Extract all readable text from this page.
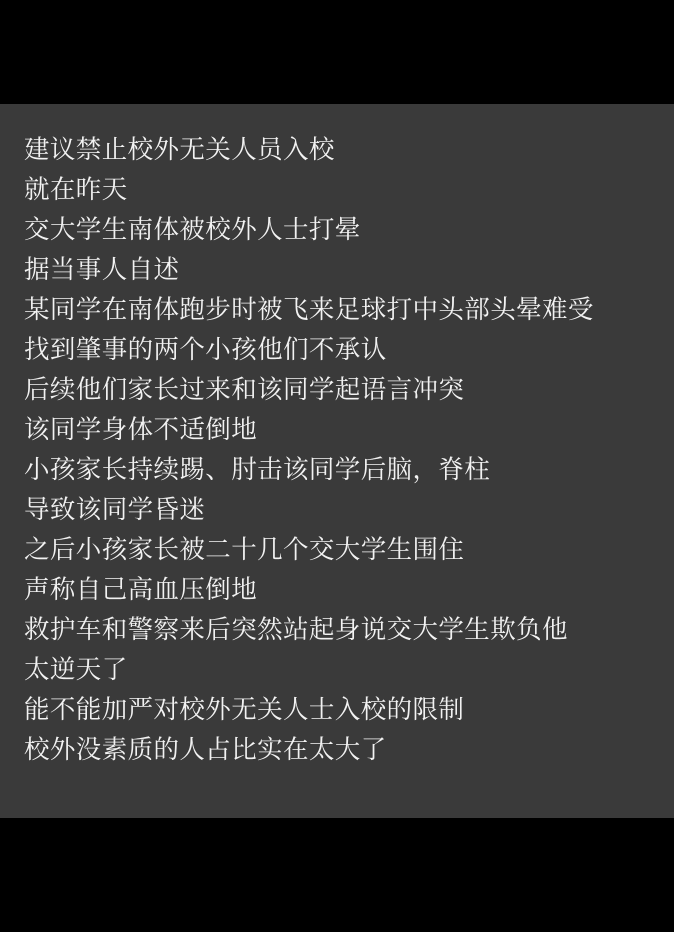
建议禁止校外无关人员入校
就在昨天
交大学生南体被校外人士打晕
据当事人自述
某同学在南体跑步时被飞来足球打中头部头晕难受
找到肇事的两个小孩他们不承认
后续他们家长过来和该同学起语言冲突
该同学身体不适倒地
小孩家长持续踢、肘击该同学后脑，脊柱
导致该同学昏迷
之后小孩家长被二十几个交大学生围住
声称自己高血压倒地
救护车和警察来后突然站起身说交大学生欺负他
太逆天了
能不能加严对校外无关人士入校的限制
校外没素质的人占比实在太大了
